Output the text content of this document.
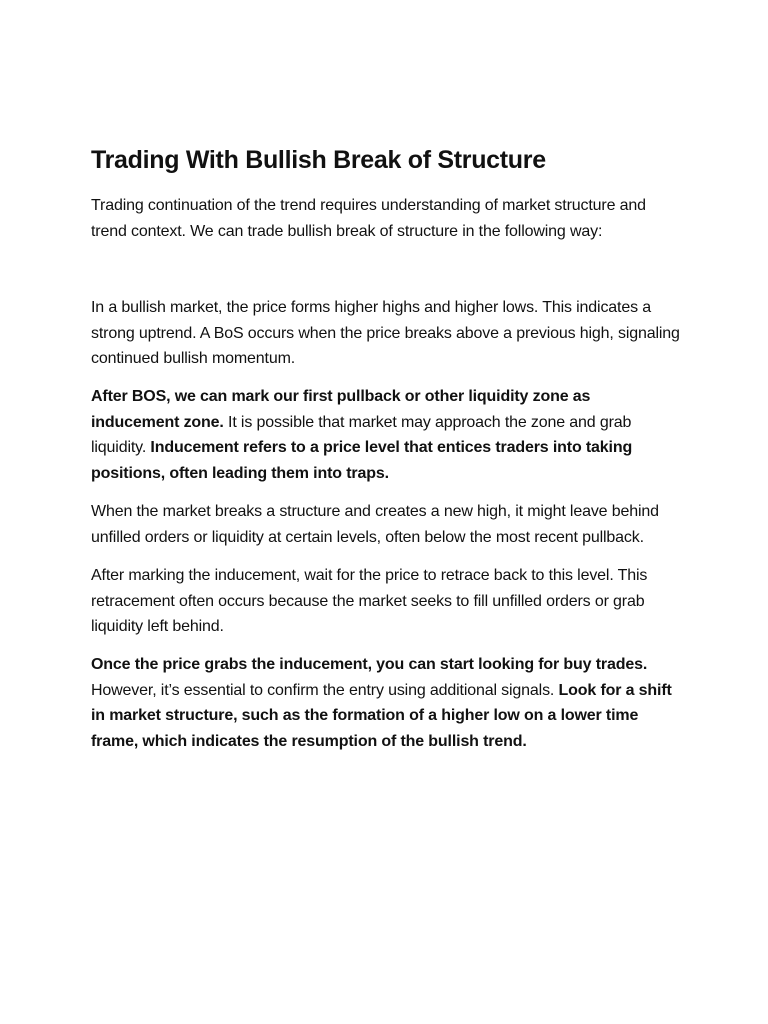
Trading With Bullish Break of Structure

Trading continuation of the trend requires understanding of market structure and trend context. We can trade bullish break of structure in the following way:

In a bullish market, the price forms higher highs and higher lows. This indicates a strong uptrend. A BoS occurs when the price breaks above a previous high, signaling continued bullish momentum.

After BOS, we can mark our first pullback or other liquidity zone as inducement zone. It is possible that market may approach the zone and grab liquidity. Inducement refers to a price level that entices traders into taking positions, often leading them into traps.

When the market breaks a structure and creates a new high, it might leave behind unfilled orders or liquidity at certain levels, often below the most recent pullback.

After marking the inducement, wait for the price to retrace back to this level. This retracement often occurs because the market seeks to fill unfilled orders or grab liquidity left behind.

Once the price grabs the inducement, you can start looking for buy trades. However, it’s essential to confirm the entry using additional signals. Look for a shift in market structure, such as the formation of a higher low on a lower time frame, which indicates the resumption of the bullish trend.
